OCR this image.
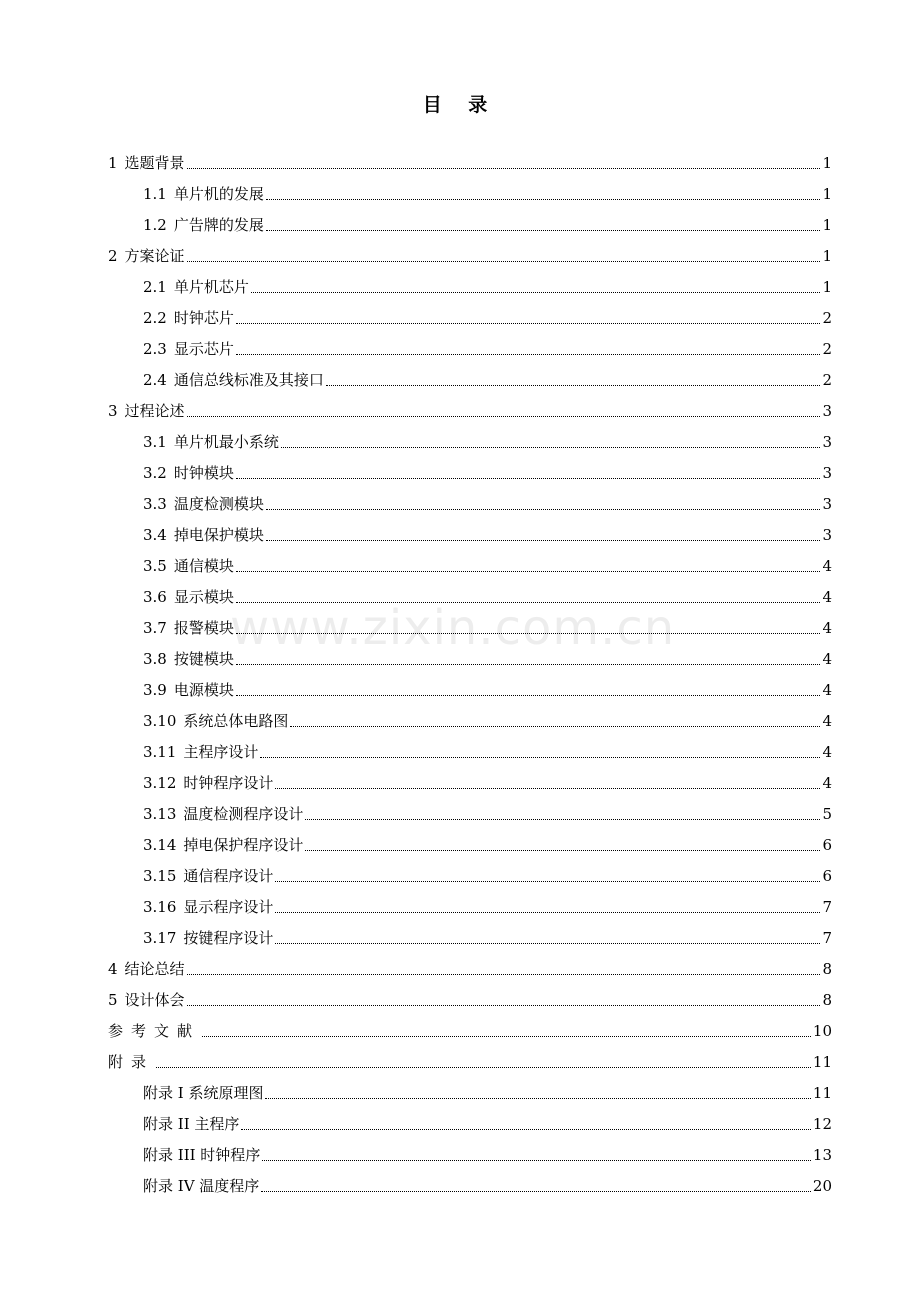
目 录
1 选题背景	1
1.1 单片机的发展	1
1.2 广告牌的发展	1
2 方案论证	1
2.1 单片机芯片	1
2.2 时钟芯片	2
2.3 显示芯片	2
2.4 通信总线标准及其接口	2
3 过程论述	3
3.1 单片机最小系统	3
3.2 时钟模块	3
3.3 温度检测模块	3
3.4 掉电保护模块	3
3.5 通信模块	4
3.6 显示模块	4
3.7 报警模块	4
3.8 按键模块	4
3.9 电源模块	4
3.10 系统总体电路图	4
3.11 主程序设计	4
3.12 时钟程序设计	4
3.13 温度检测程序设计	5
3.14 掉电保护程序设计	6
3.15 通信程序设计	6
3.16 显示程序设计	7
3.17 按键程序设计	7
4 结论总结	8
5 设计体会	8
参考文献	10
附录	11
附录 I 系统原理图	11
附录 II 主程序	12
附录 III 时钟程序	13
附录 IV 温度程序	20
www.zixin.com.cn
